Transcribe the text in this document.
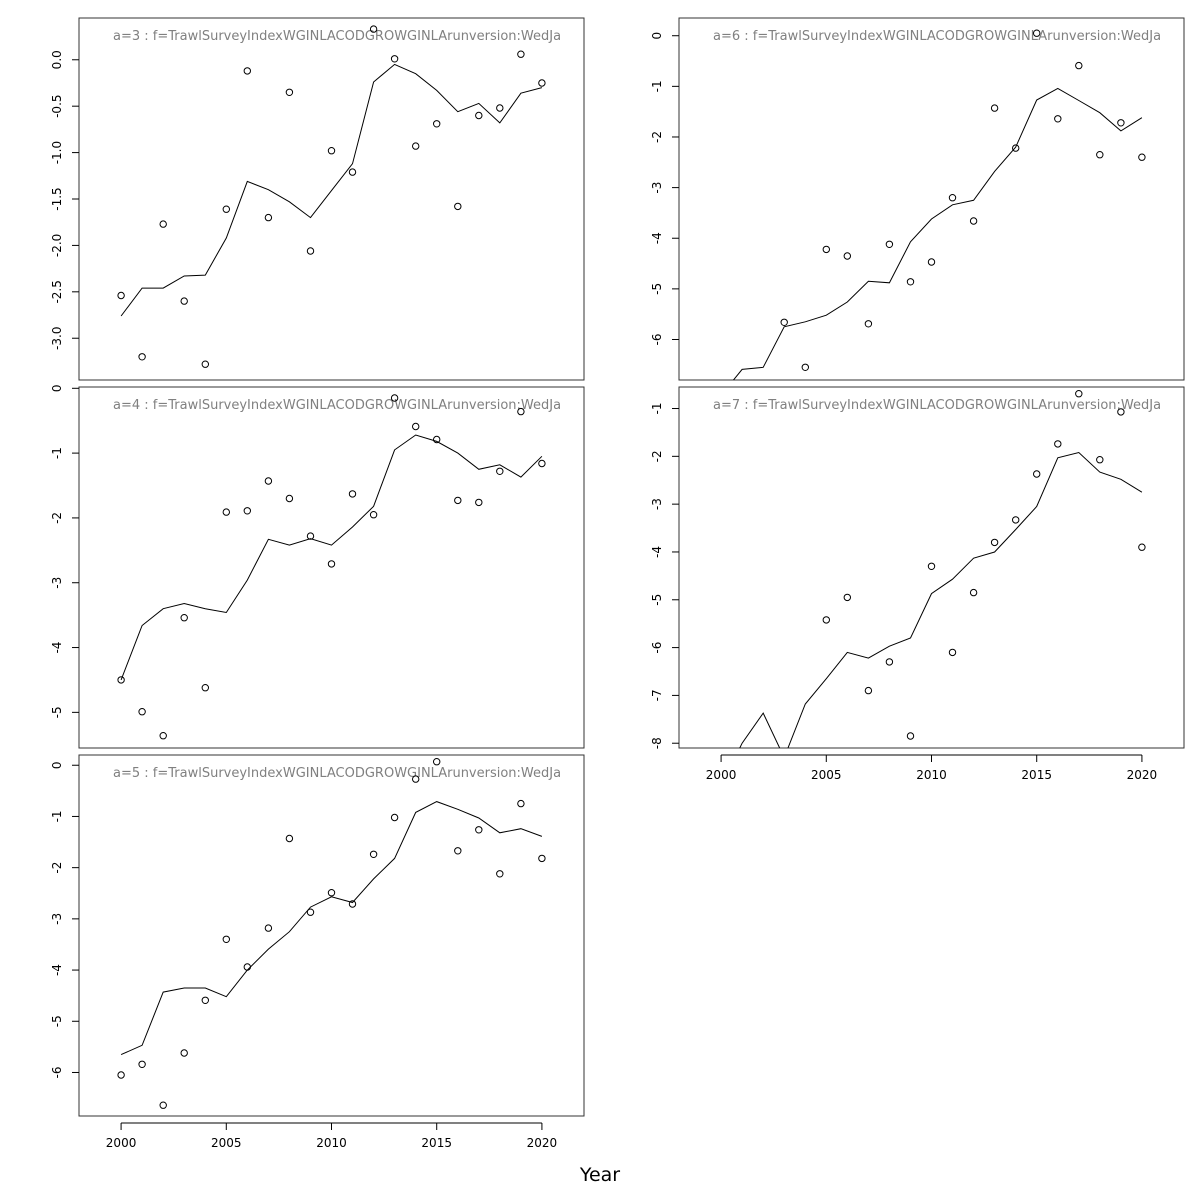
Year
a=3 : f=TrawlSurveyIndexWGINLACODGROWGINLArunversion:WedJa
-3.0
-2.5
-2.0
-1.5
-1.0
-0.5
0.0
a=4 : f=TrawlSurveyIndexWGINLACODGROWGINLArunversion:WedJa
-5
-4
-3
-2
-1
0
a=5 : f=TrawlSurveyIndexWGINLACODGROWGINLArunversion:WedJa
-6
-5
-4
-3
-2
-1
0
2000	2005	2010	2015	2020
a=6 : f=TrawlSurveyIndexWGINLACODGROWGINLArunversion:WedJa
-6
-5
-4
-3
-2
-1
0
a=7 : f=TrawlSurveyIndexWGINLACODGROWGINLArunversion:WedJa
-8
-7
-6
-5
-4
-3
-2
-1
2000	2005	2010	2015	2020
